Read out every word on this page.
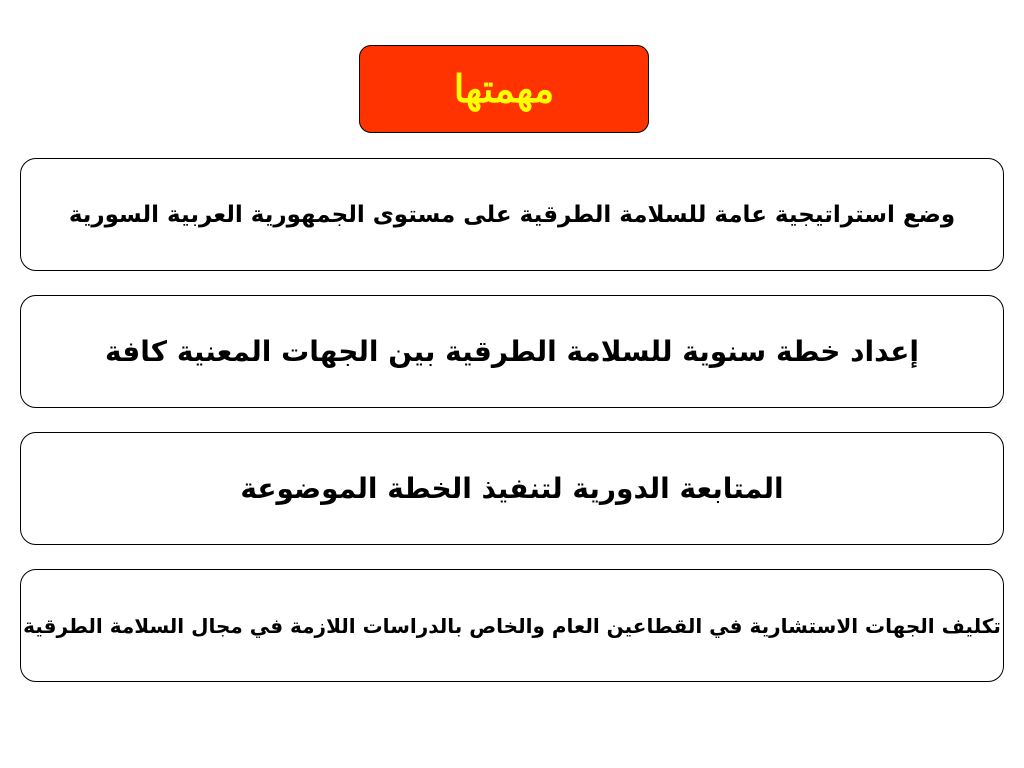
مهمتها
وضع استراتيجية عامة للسلامة الطرقية على مستوى الجمهورية العربية السورية
إعداد خطة سنوية للسلامة الطرقية بين الجهات المعنية كافة
المتابعة الدورية لتنفيذ الخطة الموضوعة
تكليف الجهات الاستشارية في القطاعين العام والخاص بالدراسات اللازمة في مجال السلامة الطرقية
